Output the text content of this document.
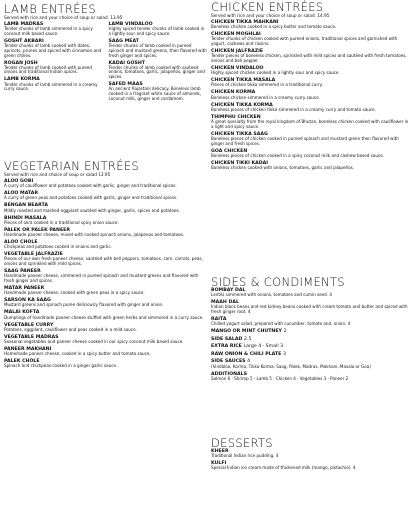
LAMB ENTRÉES
Served with rice and your choice of soup or salad. 13.95
LAMB MADRAS
Tender chunks of lamb simmered in a spicy coconut milk based sauce.
GOSHT AKBARI
Tender chunks of lamb cooked with dates, apricots, prunes and spiced with cinnamon and green chilies.
ROGAN JOSH
Tender chunks of lamb cooked with pureed onions and traditional Indian spices.
LAMB KORMA
Tender chunks of lamb simmered in a creamy curry sauce.
LAMB VINDALOO
Highly spiced tender chunks of lamb cooked in a lightly sour and spicy sauce.
SAAG MEAT
Tender chunks of lamb cooked in pureed spinach and mustard greens, then flavored with fresh ginger and spices.
KADAI GOSHT
Tender chunks of lamb cooked with sauteed onions, tomatoes, garlic, jalapeños, ginger and spices.
SAFED MAAS
An ancient Rajastani delicacy. Boneless lamb cooked in a fragrant white sauce of almonds, coconut milk, ginger and cardamom.
VEGETARIAN ENTRÉES
Served with rice and choice of soup or salad 13.95
ALOO GOBI
A curry of cauliflower and potatoes cooked with garlic, ginger and traditional spices.
ALOO MATAR
A curry of green peas and potatoes cooked with garlic, ginger and traditional spices.
BENGAN BEARTA
Mildly roasted and mashed eggplant sautéed with ginger, garlic, spices and potatoes.
BHINDI MASALA
Pieces of okra cooked in a traditional spicy onion sauce.
PALEK OR PALEK PANEER
Handmade paneer cheese, mixed with cooked spinach onions, jalapenos and tomatoes.
ALOO CHOLE
Chickpeas and potatoes cooked in onions and garlic.
VEGETABLE JALFRAZIE
Pieces of our own fresh paneer cheese, sautéed with bell peppers, tomatoes, corn, carrots, peas, onions and sprinkled with mild spices.
SAAG PANEER
Handmade paneer cheese, simmered in pureed spinach and mustard greens and flavored with fresh ginger and spices.
MATAR PANEER
Handmade paneer cheese, cooked with green peas in a spicy sauce.
SARSON KA SAAG
Mustard greens and spinach puree deliciously flavored with ginger and onion.
MALAI KOFTA
Dumplings of handmade paneer cheese stuffed with green herbs and simmered in a curry sauce.
VEGETABLE CURRY
Potatoes, eggplant, cauliflower and peas cooked in a mild sauce.
VEGETABLE MADRAS
Seasonal vegetables and paneer cheese cooked in our spicy coconut milk based sauce.
PANEER MAKHANI
Homemade paneer cheese, cooked in a spicy butter and tomato sauce.
PALEK CHOLE
Spinach and chickpeas cooked in a ginger garlic sauce.
CHICKEN ENTRÉES
Served with rice and your choice of soup or salad. 14.95
CHICKEN TIKKA MAHKANI
Boneless chicken cooked in a spicy butter and tomato sauce.
CHICKEN MOGHLAI
Tender chunks of chicken cooked with pureed onions, traditional spices and garnished with yogurt, cashews and raisins.
CHICKEN JALFRAZIE
Tender pieces of boneless chicken, sprinkled with mild spices and sautéed with fresh tomatoes, onions and bell pepper.
CHICKEN VINDALOO
Highly spiced chicken cooked in a lightly sour and spicy sauce.
CHICKEN TIKKA MASALA
Pieces of chicken tikka simmered in a traditional curry.
CHICKEN KORMA
Boneless chicken simmered in a creamy curry sauce.
CHICKEN TIKKA KORMA
Boneless pieces of chicken tikka simmered in a creamy curry and tomato sauce.
THIMPHU CHICKEN
A great specialty from the royal kingdom of Bhutan, boneless chicken cooked with cauliflower in a light and spicy sauce.
CHICKEN TIKKA SAAG
Boneless pieces of chicken cooked in pureed spinach and mustard green then flavored with ginger and fresh spices.
GOA CHICKEN
Boneless pieces of chicken cooked in a spicy coconut milk and cashew based sauce.
CHICKEN TIKKI KADAI
Boneless chicken cooked with onions, tomatoes, garlic and jalapeños.
SIDES & CONDIMENTS
BOMBAY DAL
Lentils simmered with onions, tomatoes and cumin seed. 4
MAAH DAL
Indian black beans and red kidney beans cooked with cream tomato and butter and spiced with fresh ginger root. 4
RAITA
Chilled yogurt salad, prepared with cucumber, tomato and, onion. 4
MANGO OR MINT CHUTNEY 2
SIDE SALAD 2.5
EXTRA RICE Large 4 · Small 3
RAW ONION & CHILI PLATE 3
SIDE SAUCES 4
(Vindaloo, Korma, Tikka Korma, Saag, Palek, Madras, Makhani, Masala or Goa)
ADDITIONALS
Salmon 6 · Shrimp 5 · Lamb 5 · Chicken 4 · Vegetables 3 · Paneer 2
DESSERTS
KHEER
Traditional Indian rice pudding. 4
KULFI
Special Indian ice cream made of thickened milk (mango, pistachio). 4
